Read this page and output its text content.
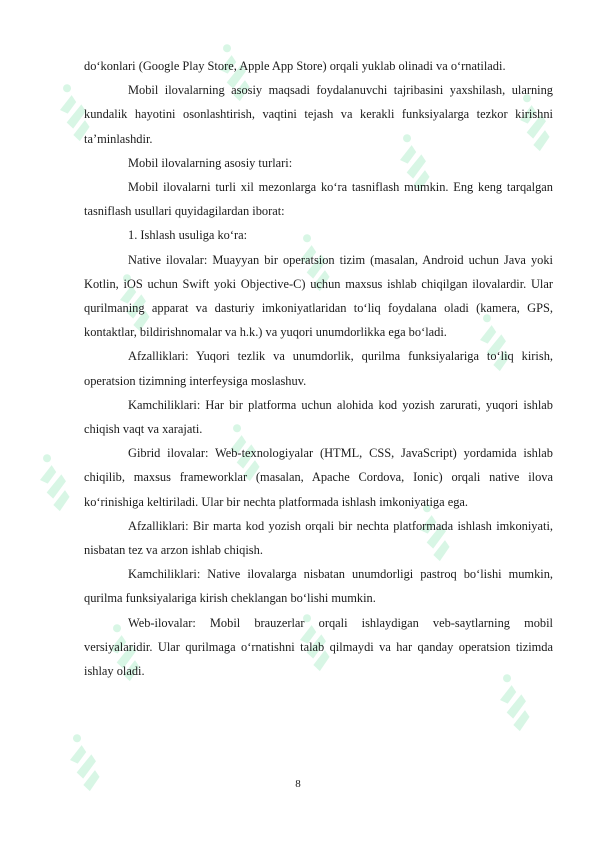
do‘konlari (Google Play Store, Apple App Store) orqali yuklab olinadi va o‘rnatiladi.

Mobil ilovalarning asosiy maqsadi foydalanuvchi tajribasini yaxshilash, ularning kundalik hayotini osonlashtirish, vaqtini tejash va kerakli funksiyalarga tezkor kirishni ta’minlashdir.

Mobil ilovalarning asosiy turlari:

Mobil ilovalarni turli xil mezonlarga ko‘ra tasniflash mumkin. Eng keng tarqalgan tasniflash usullari quyidagilardan iborat:

1. Ishlash usuliga ko‘ra:

Native ilovalar: Muayyan bir operatsion tizim (masalan, Android uchun Java yoki Kotlin, iOS uchun Swift yoki Objective-C) uchun maxsus ishlab chiqilgan ilovalardir. Ular qurilmaning apparat va dasturiy imkoniyatlaridan to‘liq foydalana oladi (kamera, GPS, kontaktlar, bildirishnomalar va h.k.) va yuqori unumdorlikka ega bo‘ladi.

Afzalliklari: Yuqori tezlik va unumdorlik, qurilma funksiyalariga to‘liq kirish, operatsion tizimning interfeysiga moslashuv.

Kamchiliklari: Har bir platforma uchun alohida kod yozish zarurati, yuqori ishlab chiqish vaqt va xarajati.

Gibrid ilovalar: Web-texnologiyalar (HTML, CSS, JavaScript) yordamida ishlab chiqilib, maxsus frameworklar (masalan, Apache Cordova, Ionic) orqali native ilova ko‘rinishiga keltiriladi. Ular bir nechta platformada ishlash imkoniyatiga ega.

Afzalliklari: Bir marta kod yozish orqali bir nechta platformada ishlash imkoniyati, nisbatan tez va arzon ishlab chiqish.

Kamchiliklari: Native ilovalarga nisbatan unumdorligi pastroq bo‘lishi mumkin, qurilma funksiyalariga kirish cheklangan bo‘lishi mumkin.

Web-ilovalar: Mobil brauzerlar orqali ishlaydigan veb-saytlarning mobil versiyalaridir. Ular qurilmaga o‘rnatishni talab qilmaydi va har qanday operatsion tizimda ishlay oladi.

8
